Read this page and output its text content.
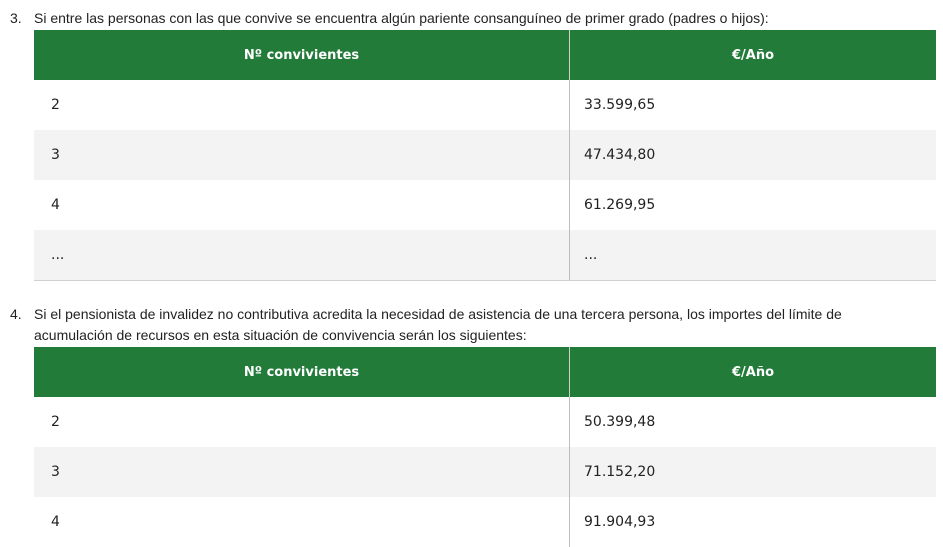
3. Si entre las personas con las que convive se encuentra algún pariente consanguíneo de primer grado (padres o hijos):
Nº convivientes	€/Año
2	33.599,65
3	47.434,80
4	61.269,95
...	...
4. Si el pensionista de invalidez no contributiva acredita la necesidad de asistencia de una tercera persona, los importes del límite de
acumulación de recursos en esta situación de convivencia serán los siguientes:
Nº convivientes	€/Año
2	50.399,48
3	71.152,20
4	91.904,93
